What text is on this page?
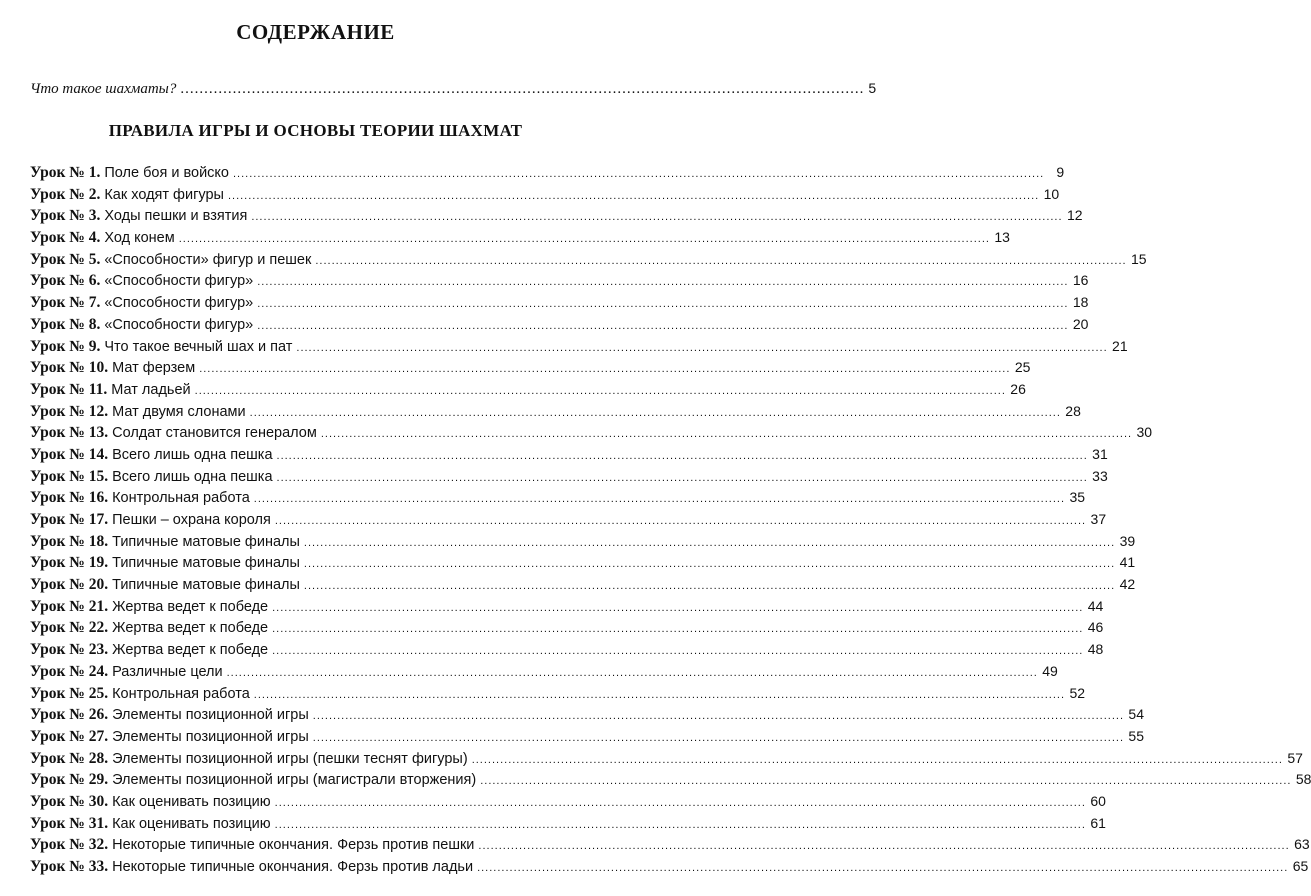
СОДЕРЖАНИЕ
Что такое шахматы? ................................................................................................................................................ 5
ПРАВИЛА ИГРЫ И ОСНОВЫ ТЕОРИИ ШАХМАТ
Урок № 1. Поле боя и войско ........................................................................................................................................................................................................ 9
Урок № 2. Как ходят фигуры ........................................................................................................................................................................................................ 10
Урок № 3. Ходы пешки и взятия ........................................................................................................................................................................................................ 12
Урок № 4. Ход конем ........................................................................................................................................................................................................ 13
Урок № 5. «Способности» фигур и пешек ........................................................................................................................................................................................................ 15
Урок № 6. «Способности фигур» ........................................................................................................................................................................................................ 16
Урок № 7. «Способности фигур» ........................................................................................................................................................................................................ 18
Урок № 8. «Способности фигур» ........................................................................................................................................................................................................ 20
Урок № 9. Что такое вечный шах и пат ........................................................................................................................................................................................................ 21
Урок № 10. Мат ферзем ........................................................................................................................................................................................................ 25
Урок № 11. Мат ладьей ........................................................................................................................................................................................................ 26
Урок № 12. Мат двумя слонами ........................................................................................................................................................................................................ 28
Урок № 13. Солдат становится генералом ........................................................................................................................................................................................................ 30
Урок № 14. Всего лишь одна пешка ........................................................................................................................................................................................................ 31
Урок № 15. Всего лишь одна пешка ........................................................................................................................................................................................................ 33
Урок № 16. Контрольная работа ........................................................................................................................................................................................................ 35
Урок № 17. Пешки – охрана короля ........................................................................................................................................................................................................ 37
Урок № 18. Типичные матовые финалы ........................................................................................................................................................................................................ 39
Урок № 19. Типичные матовые финалы ........................................................................................................................................................................................................ 41
Урок № 20. Типичные матовые финалы ........................................................................................................................................................................................................ 42
Урок № 21. Жертва ведет к победе ........................................................................................................................................................................................................ 44
Урок № 22. Жертва ведет к победе ........................................................................................................................................................................................................ 46
Урок № 23. Жертва ведет к победе ........................................................................................................................................................................................................ 48
Урок № 24. Различные цели ........................................................................................................................................................................................................ 49
Урок № 25. Контрольная работа ........................................................................................................................................................................................................ 52
Урок № 26. Элементы позиционной игры ........................................................................................................................................................................................................ 54
Урок № 27. Элементы позиционной игры ........................................................................................................................................................................................................ 55
Урок № 28. Элементы позиционной игры (пешки теснят фигуры) ........................................................................................................................................................................................................ 57
Урок № 29. Элементы позиционной игры (магистрали вторжения) ........................................................................................................................................................................................................ 58
Урок № 30. Как оценивать позицию ........................................................................................................................................................................................................ 60
Урок № 31. Как оценивать позицию ........................................................................................................................................................................................................ 61
Урок № 32. Некоторые типичные окончания. Ферзь против пешки ........................................................................................................................................................................................................ 63
Урок № 33. Некоторые типичные окончания. Ферзь против ладьи ........................................................................................................................................................................................................ 65
